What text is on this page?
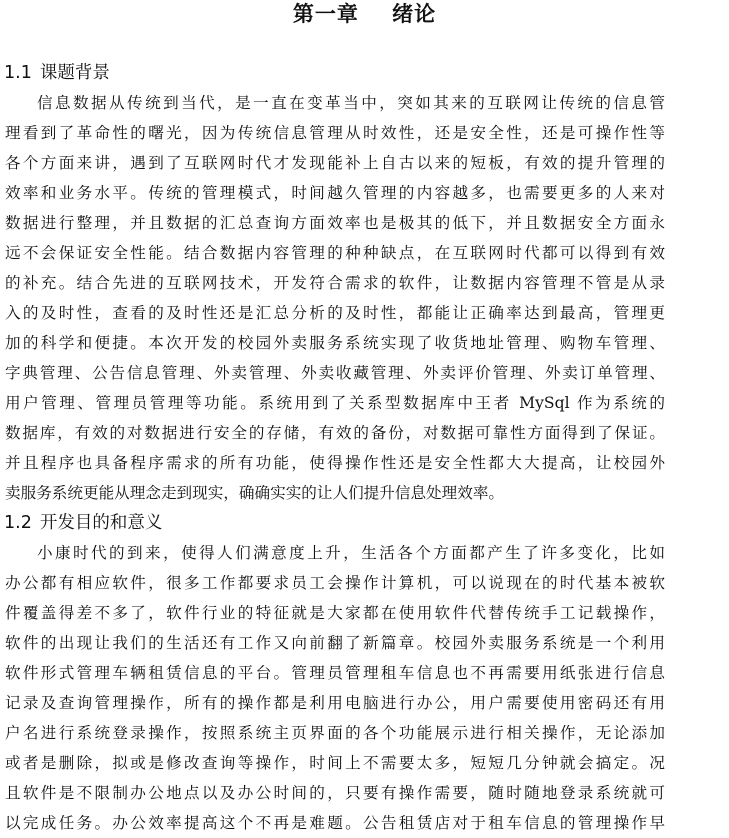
第一章    绪论
1.1 课题背景
信息数据从传统到当代，是一直在变革当中，突如其来的互联网让传统的信息管
理看到了革命性的曙光，因为传统信息管理从时效性，还是安全性，还是可操作性等
各个方面来讲，遇到了互联网时代才发现能补上自古以来的短板，有效的提升管理的
效率和业务水平。传统的管理模式，时间越久管理的内容越多，也需要更多的人来对
数据进行整理，并且数据的汇总查询方面效率也是极其的低下，并且数据安全方面永
远不会保证安全性能。结合数据内容管理的种种缺点，在互联网时代都可以得到有效
的补充。结合先进的互联网技术，开发符合需求的软件，让数据内容管理不管是从录
入的及时性，查看的及时性还是汇总分析的及时性，都能让正确率达到最高，管理更
加的科学和便捷。本次开发的校园外卖服务系统实现了收货地址管理、购物车管理、
字典管理、公告信息管理、外卖管理、外卖收藏管理、外卖评价管理、外卖订单管理、
用户管理、管理员管理等功能。系统用到了关系型数据库中王者 MySql 作为系统的
数据库，有效的对数据进行安全的存储，有效的备份，对数据可靠性方面得到了保证。
并且程序也具备程序需求的所有功能，使得操作性还是安全性都大大提高，让校园外
卖服务系统更能从理念走到现实，确确实实的让人们提升信息处理效率。
1.2 开发目的和意义
小康时代的到来，使得人们满意度上升，生活各个方面都产生了许多变化，比如
办公都有相应软件，很多工作都要求员工会操作计算机，可以说现在的时代基本被软
件覆盖得差不多了，软件行业的特征就是大家都在使用软件代替传统手工记载操作，
软件的出现让我们的生活还有工作又向前翻了新篇章。校园外卖服务系统是一个利用
软件形式管理车辆租赁信息的平台。管理员管理租车信息也不再需要用纸张进行信息
记录及查询管理操作，所有的操作都是利用电脑进行办公，用户需要使用密码还有用
户名进行系统登录操作，按照系统主页界面的各个功能展示进行相关操作，无论添加
或者是删除，拟或是修改查询等操作，时间上不需要太多，短短几分钟就会搞定。况
且软件是不限制办公地点以及办公时间的，只要有操作需要，随时随地登录系统就可
以完成任务。办公效率提高这个不再是难题。公告租赁店对于租车信息的管理操作早
